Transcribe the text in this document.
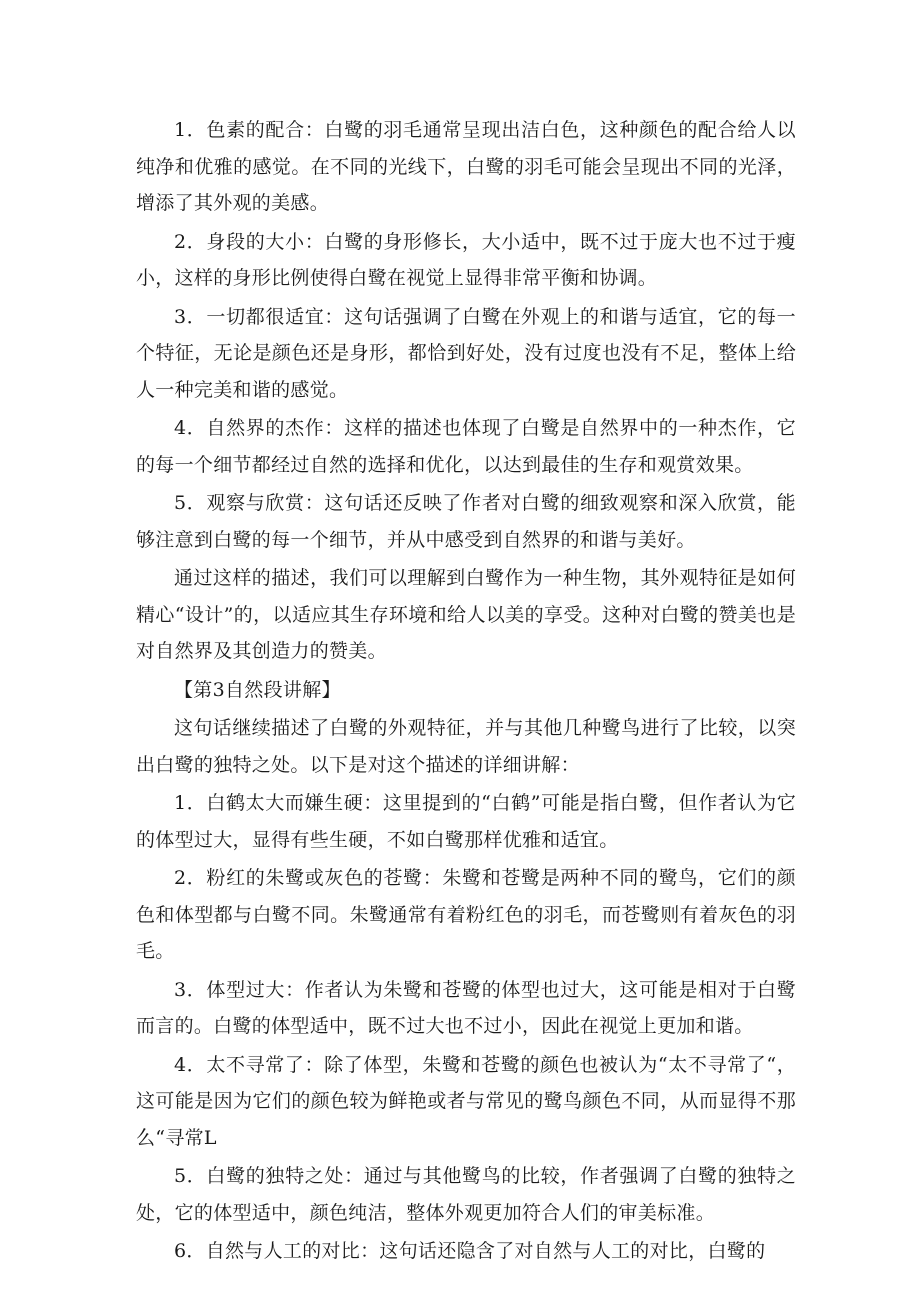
1．色素的配合：白鹭的羽毛通常呈现出洁白色，这种颜色的配合给人以纯净和优雅的感觉。在不同的光线下，白鹭的羽毛可能会呈现出不同的光泽，增添了其外观的美感。

2．身段的大小：白鹭的身形修长，大小适中，既不过于庞大也不过于瘦小，这样的身形比例使得白鹭在视觉上显得非常平衡和协调。

3．一切都很适宜：这句话强调了白鹭在外观上的和谐与适宜，它的每一个特征，无论是颜色还是身形，都恰到好处，没有过度也没有不足，整体上给人一种完美和谐的感觉。

4．自然界的杰作：这样的描述也体现了白鹭是自然界中的一种杰作，它的每一个细节都经过自然的选择和优化，以达到最佳的生存和观赏效果。

5．观察与欣赏：这句话还反映了作者对白鹭的细致观察和深入欣赏，能够注意到白鹭的每一个细节，并从中感受到自然界的和谐与美好。

通过这样的描述，我们可以理解到白鹭作为一种生物，其外观特征是如何精心“设计”的，以适应其生存环境和给人以美的享受。这种对白鹭的赞美也是对自然界及其创造力的赞美。

【第3自然段讲解】

这句话继续描述了白鹭的外观特征，并与其他几种鹭鸟进行了比较，以突出白鹭的独特之处。以下是对这个描述的详细讲解：

1．白鹤太大而嫌生硬：这里提到的“白鹤”可能是指白鹭，但作者认为它的体型过大，显得有些生硬，不如白鹭那样优雅和适宜。

2．粉红的朱鹭或灰色的苍鹭：朱鹭和苍鹭是两种不同的鹭鸟，它们的颜色和体型都与白鹭不同。朱鹭通常有着粉红色的羽毛，而苍鹭则有着灰色的羽毛。

3．体型过大：作者认为朱鹭和苍鹭的体型也过大，这可能是相对于白鹭而言的。白鹭的体型适中，既不过大也不过小，因此在视觉上更加和谐。

4．太不寻常了：除了体型，朱鹭和苍鹭的颜色也被认为“太不寻常了“，这可能是因为它们的颜色较为鲜艳或者与常见的鹭鸟颜色不同，从而显得不那么“寻常L

5．白鹭的独特之处：通过与其他鹭鸟的比较，作者强调了白鹭的独特之处，它的体型适中，颜色纯洁，整体外观更加符合人们的审美标准。

6．自然与人工的对比：这句话还隐含了对自然与人工的对比，白鹭的
